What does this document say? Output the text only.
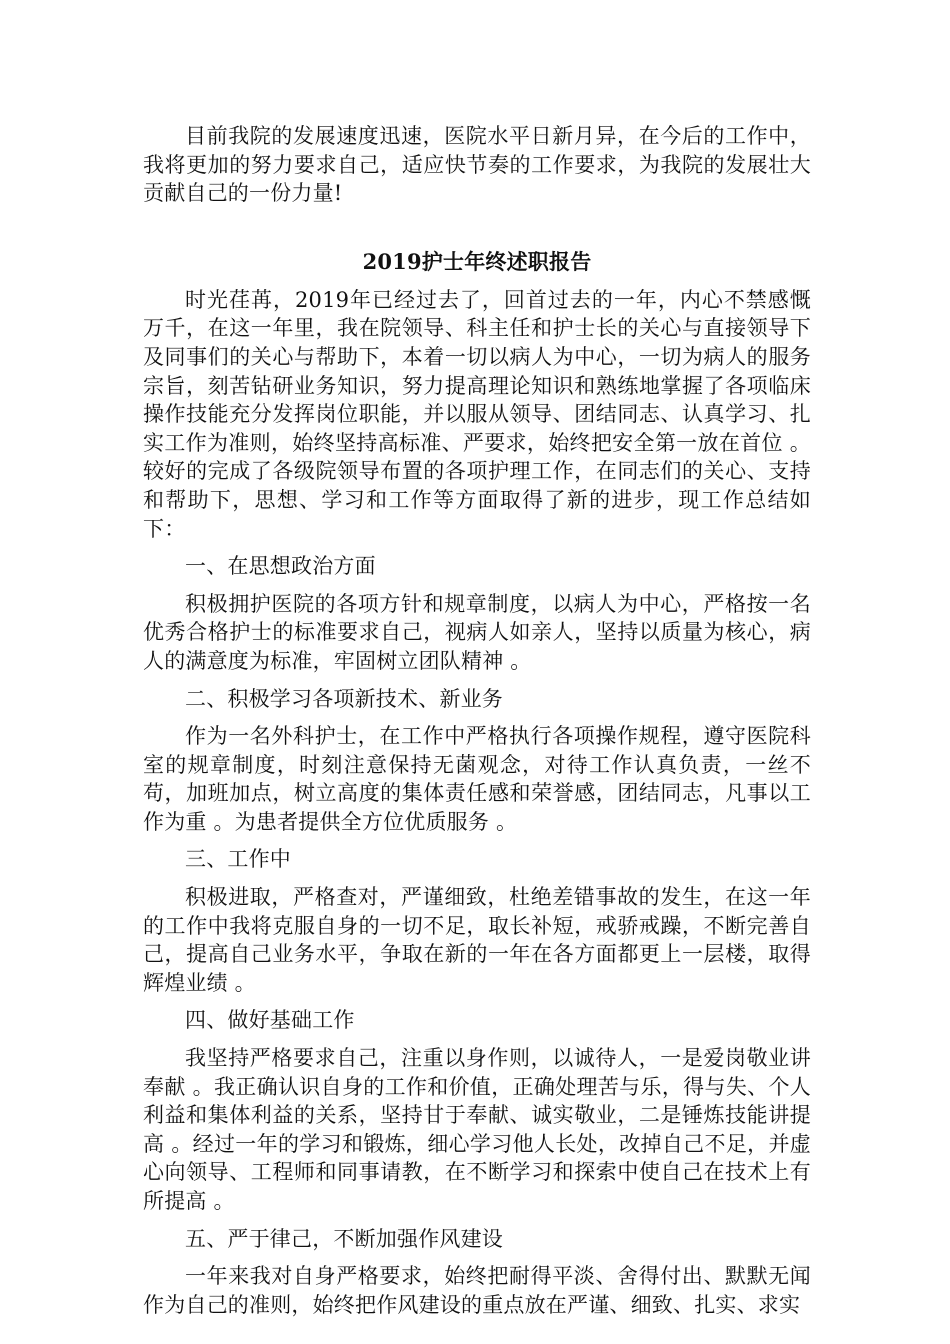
目前我院的发展速度迅速，医院水平日新月异，在今后的工作中，我将更加的努力要求自己，适应快节奏的工作要求，为我院的发展壮大贡献自己的一份力量!

2019护士年终述职报告

时光荏苒，2019年已经过去了，回首过去的一年，内心不禁感慨万千，在这一年里，我在院领导、科主任和护士长的关心与直接领导下及同事们的关心与帮助下，本着一切以病人为中心，一切为病人的服务宗旨，刻苦钻研业务知识，努力提高理论知识和熟练地掌握了各项临床操作技能充分发挥岗位职能，并以服从领导、团结同志、认真学习、扎实工作为准则，始终坚持高标准、严要求，始终把安全第一放在首位 。较好的完成了各级院领导布置的各项护理工作，在同志们的关心、支持和帮助下，思想、学习和工作等方面取得了新的进步，现工作总结如下：

一、在思想政治方面

积极拥护医院的各项方针和规章制度，以病人为中心，严格按一名优秀合格护士的标准要求自己，视病人如亲人，坚持以质量为核心，病人的满意度为标准，牢固树立团队精神 。

二、积极学习各项新技术、新业务

作为一名外科护士，在工作中严格执行各项操作规程，遵守医院科室的规章制度，时刻注意保持无菌观念，对待工作认真负责，一丝不苟，加班加点，树立高度的集体责任感和荣誉感，团结同志，凡事以工作为重 。为患者提供全方位优质服务 。

三、工作中

积极进取，严格查对，严谨细致，杜绝差错事故的发生，在这一年的工作中我将克服自身的一切不足，取长补短，戒骄戒躁，不断完善自己，提高自己业务水平，争取在新的一年在各方面都更上一层楼，取得辉煌业绩 。

四、做好基础工作

我坚持严格要求自己，注重以身作则，以诚待人，一是爱岗敬业讲奉献 。我正确认识自身的工作和价值，正确处理苦与乐，得与失、个人利益和集体利益的关系，坚持甘于奉献、诚实敬业，二是锤炼技能讲提高 。经过一年的学习和锻炼，细心学习他人长处，改掉自己不足，并虚心向领导、工程师和同事请教，在不断学习和探索中使自己在技术上有所提高 。

五、严于律己，不断加强作风建设

一年来我对自身严格要求，始终把耐得平淡、舍得付出、默默无闻作为自己的准则，始终把作风建设的重点放在严谨、细致、扎实、求实
